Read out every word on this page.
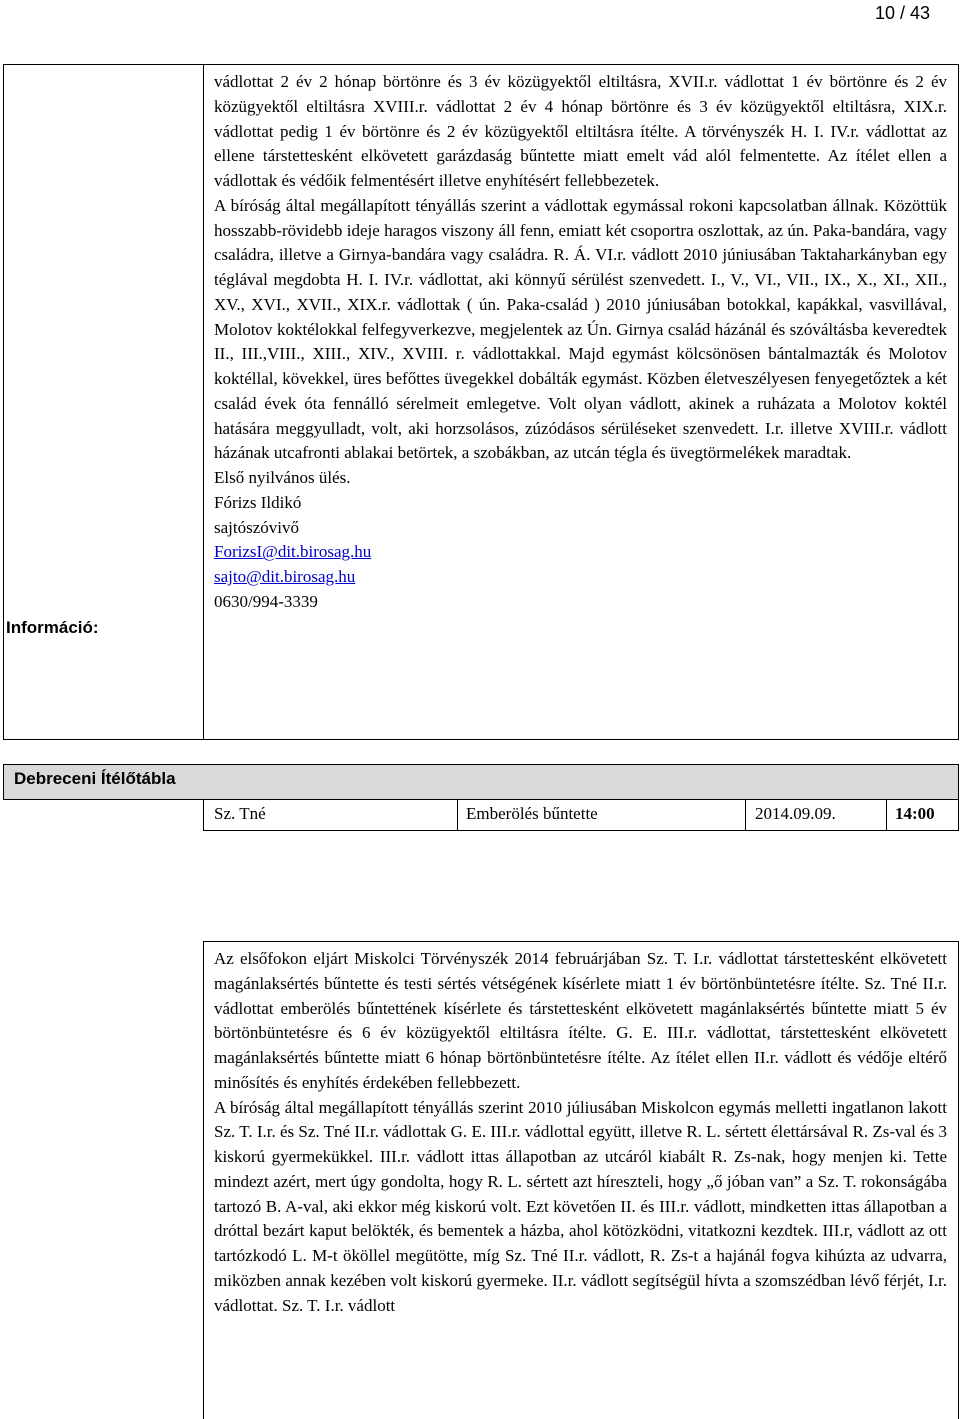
10 / 43
Információ:

vádlottat 2 év 2 hónap börtönre és 3 év közügyektől eltiltásra, XVII.r. vádlottat 1 év börtönre és 2 év közügyektől eltiltásra XVIII.r. vádlottat 2 év 4 hónap börtönre és 3 év közügyektől eltiltásra, XIX.r. vádlottat pedig 1 év börtönre és 2 év közügyektől eltiltásra ítélte. A törvényszék H. I. IV.r. vádlottat az ellene társtettesként elkövetett garázdaság bűntette miatt emelt vád alól felmentette. Az ítélet ellen a vádlottak és védőik felmentésért illetve enyhítésért fellebbezetek.

A bíróság által megállapított tényállás szerint a vádlottak egymással rokoni kapcsolatban állnak. Közöttük hosszabb-rövidebb ideje haragos viszony áll fenn, emiatt két csoportra oszlottak, az ún. Paka-bandára, vagy családra, illetve a Girnya-bandára vagy családra. R. Á. VI.r. vádlott 2010 júniusában Taktaharkányban egy téglával megdobta H. I. IV.r. vádlottat, aki könnyű sérülést szenvedett. I., V., VI., VII., IX., X., XI., XII., XV., XVI., XVII., XIX.r. vádlottak ( ún. Paka-család ) 2010 júniusában botokkal, kapákkal, vasvillával, Molotov koktélokkal felfegyverkezve, megjelentek az Ún. Girnya család házánál és szóváltásba keveredtek II., III.,VIII., XIII., XIV., XVIII. r. vádlottakkal. Majd egymást kölcsönösen bántalmazták és Molotov koktéllal, kövekkel, üres befőttes üvegekkel dobálták egymást. Közben életveszélyesen fenyegetőztek a két család évek óta fennálló sérelmeit emlegetve. Volt olyan vádlott, akinek a ruházata a Molotov koktél hatására meggyulladt, volt, aki horzsolásos, zúzódásos sérüléseket szenvedett. I.r. illetve XVIII.r. vádlott házának utcafronti ablakai betörtek, a szobákban, az utcán tégla és üvegtörmelékek maradtak.

Első nyilvános ülés.

Fórizs Ildikó

sajtószóvivő

ForizsI@dit.birosag.hu

sajto@dit.birosag.hu

0630/994-3339

Debreceni Ítélőtábla
Sz. Tné	Emberölés bűntette	2014.09.09.	14:00

Az elsőfokon eljárt Miskolci Törvényszék 2014 februárjában Sz. T. I.r. vádlottat társtettesként elkövetett magánlaksértés bűntette és testi sértés vétségének kísérlete miatt 1 év börtönbüntetésre ítélte. Sz. Tné II.r. vádlottat emberölés bűntettének kísérlete és társtettesként elkövetett magánlaksértés bűntette miatt 5 év börtönbüntetésre és 6 év közügyektől eltiltásra ítélte. G. E. III.r. vádlottat, társtettesként elkövetett magánlaksértés bűntette miatt 6 hónap börtönbüntetésre ítélte. Az ítélet ellen II.r. vádlott és védője eltérő minősítés és enyhítés érdekében fellebbezett.

A bíróság által megállapított tényállás szerint 2010 júliusában Miskolcon egymás melletti ingatlanon lakott Sz. T. I.r. és Sz. Tné II.r. vádlottak G. E. III.r. vádlottal együtt, illetve R. L. sértett élettársával R. Zs-val és 3 kiskorú gyermekükkel. III.r. vádlott ittas állapotban az utcáról kiabált R. Zs-nak, hogy menjen ki. Tette mindezt azért, mert úgy gondolta, hogy R. L. sértett azt híreszteli, hogy „ő jóban van” a Sz. T. rokonságába tartozó B. A-val, aki ekkor még kiskorú volt. Ezt követően II. és III.r. vádlott, mindketten ittas állapotban a dróttal bezárt kaput belökték, és bementek a házba, ahol kötözködni, vitatkozni kezdtek. III.r, vádlott az ott tartózkodó L. M-t ököllel megütötte, míg Sz. Tné II.r. vádlott, R. Zs-t a hajánál fogva kihúzta az udvarra, miközben annak kezében volt kiskorú gyermeke. II.r. vádlott segítségül hívta a szomszédban lévő férjét, I.r. vádlottat. Sz. T. I.r. vádlott
